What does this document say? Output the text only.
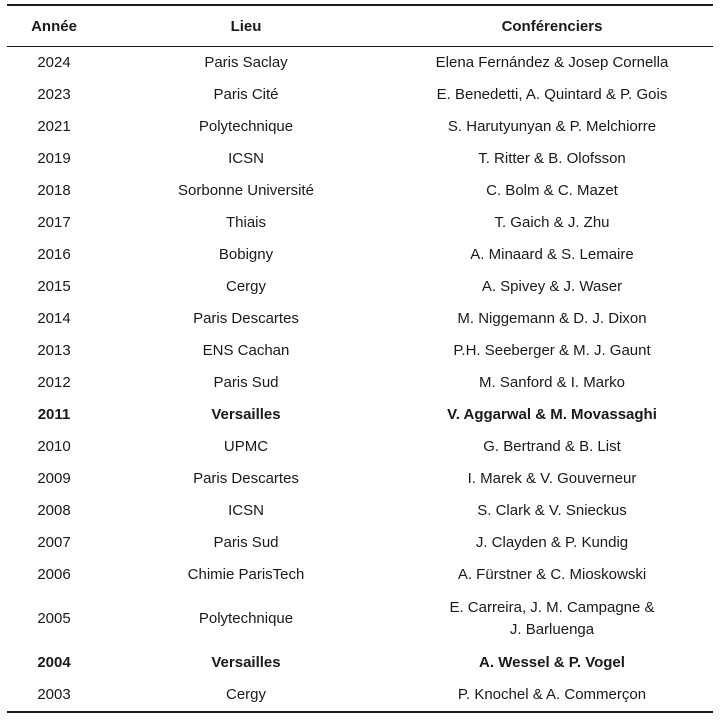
Année	Lieu	Conférenciers
2024	Paris Saclay	Elena Fernández & Josep Cornella
2023	Paris Cité	E. Benedetti, A. Quintard & P. Gois
2021	Polytechnique	S. Harutyunyan & P. Melchiorre
2019	ICSN	T. Ritter & B. Olofsson
2018	Sorbonne Université	C. Bolm & C. Mazet
2017	Thiais	T. Gaich & J. Zhu
2016	Bobigny	A. Minaard & S. Lemaire
2015	Cergy	A. Spivey & J. Waser
2014	Paris Descartes	M. Niggemann & D. J. Dixon
2013	ENS Cachan	P.H. Seeberger & M. J. Gaunt
2012	Paris Sud	M. Sanford & I. Marko
2011	Versailles	V. Aggarwal & M. Movassaghi
2010	UPMC	G. Bertrand & B. List
2009	Paris Descartes	I. Marek & V. Gouverneur
2008	ICSN	S. Clark & V. Snieckus
2007	Paris Sud	J. Clayden & P. Kundig
2006	Chimie ParisTech	A. Fürstner & C. Mioskowski
2005	Polytechnique	E. Carreira, J. M. Campagne &
J. Barluenga

2004	Versailles	A. Wessel & P. Vogel
2003	Cergy	P. Knochel & A. Commerçon
